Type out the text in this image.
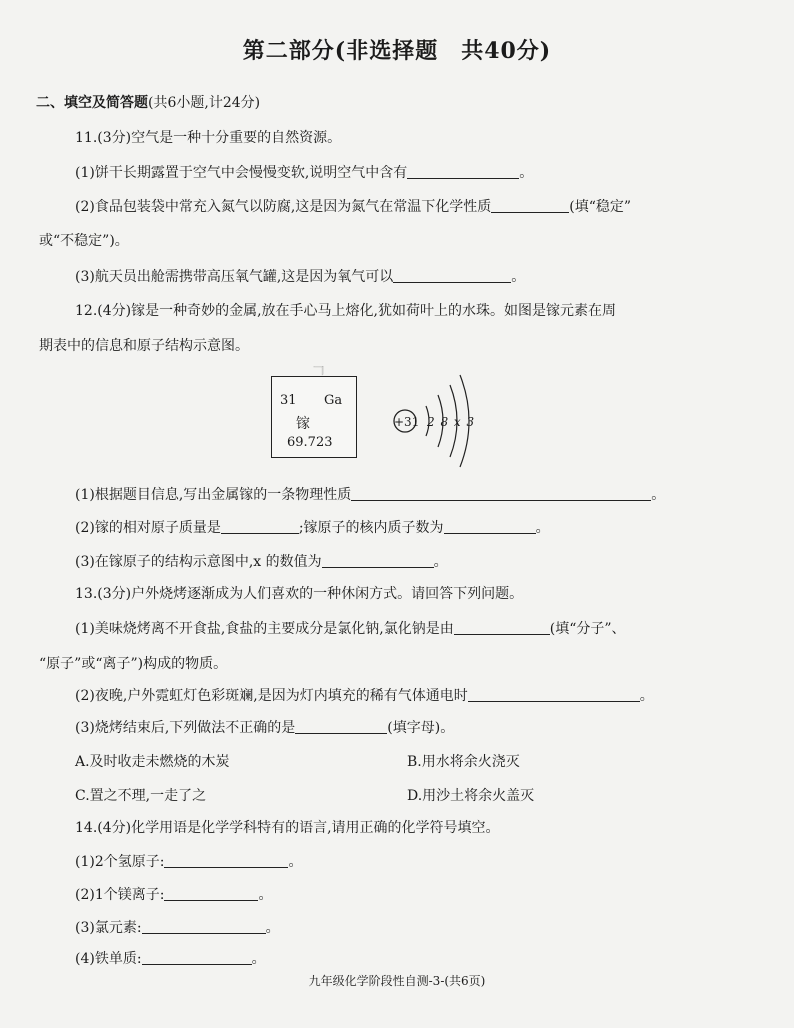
第二部分(非选择题　共40分)
二、填空及简答题(共6小题,计24分)
11.(3分)空气是一种十分重要的自然资源。
(1)饼干长期露置于空气中会慢慢变软,说明空气中含有	。
(2)食品包装袋中常充入氮气以防腐,这是因为氮气在常温下化学性质	(填“稳定”
或“不稳定”)。
(3)航天员出舱需携带高压氧气罐,这是因为氧气可以	。
12.(4分)镓是一种奇妙的金属,放在手心马上熔化,犹如荷叶上的水珠。如图是镓元素在周
期表中的信息和原子结构示意图。
31 Ga
镓
69.723
+31 2 8 x 3
(1)根据题目信息,写出金属镓的一条物理性质	。
(2)镓的相对原子质量是	;镓原子的核内质子数为	。
(3)在镓原子的结构示意图中,x 的数值为	。
13.(3分)户外烧烤逐渐成为人们喜欢的一种休闲方式。请回答下列问题。
(1)美味烧烤离不开食盐,食盐的主要成分是氯化钠,氯化钠是由	(填“分子”、
“原子”或“离子”)构成的物质。
(2)夜晚,户外霓虹灯色彩斑斓,是因为灯内填充的稀有气体通电时	。
(3)烧烤结束后,下列做法不正确的是	(填字母)。
A.及时收走未燃烧的木炭	B.用水将余火浇灭
C.置之不理,一走了之	D.用沙土将余火盖灭
14.(4分)化学用语是化学学科特有的语言,请用正确的化学符号填空。
(1)2个氢原子:	。
(2)1个镁离子:	。
(3)氯元素:	。
(4)铁单质:	。
九年级化学阶段性自测-3-(共6页)
